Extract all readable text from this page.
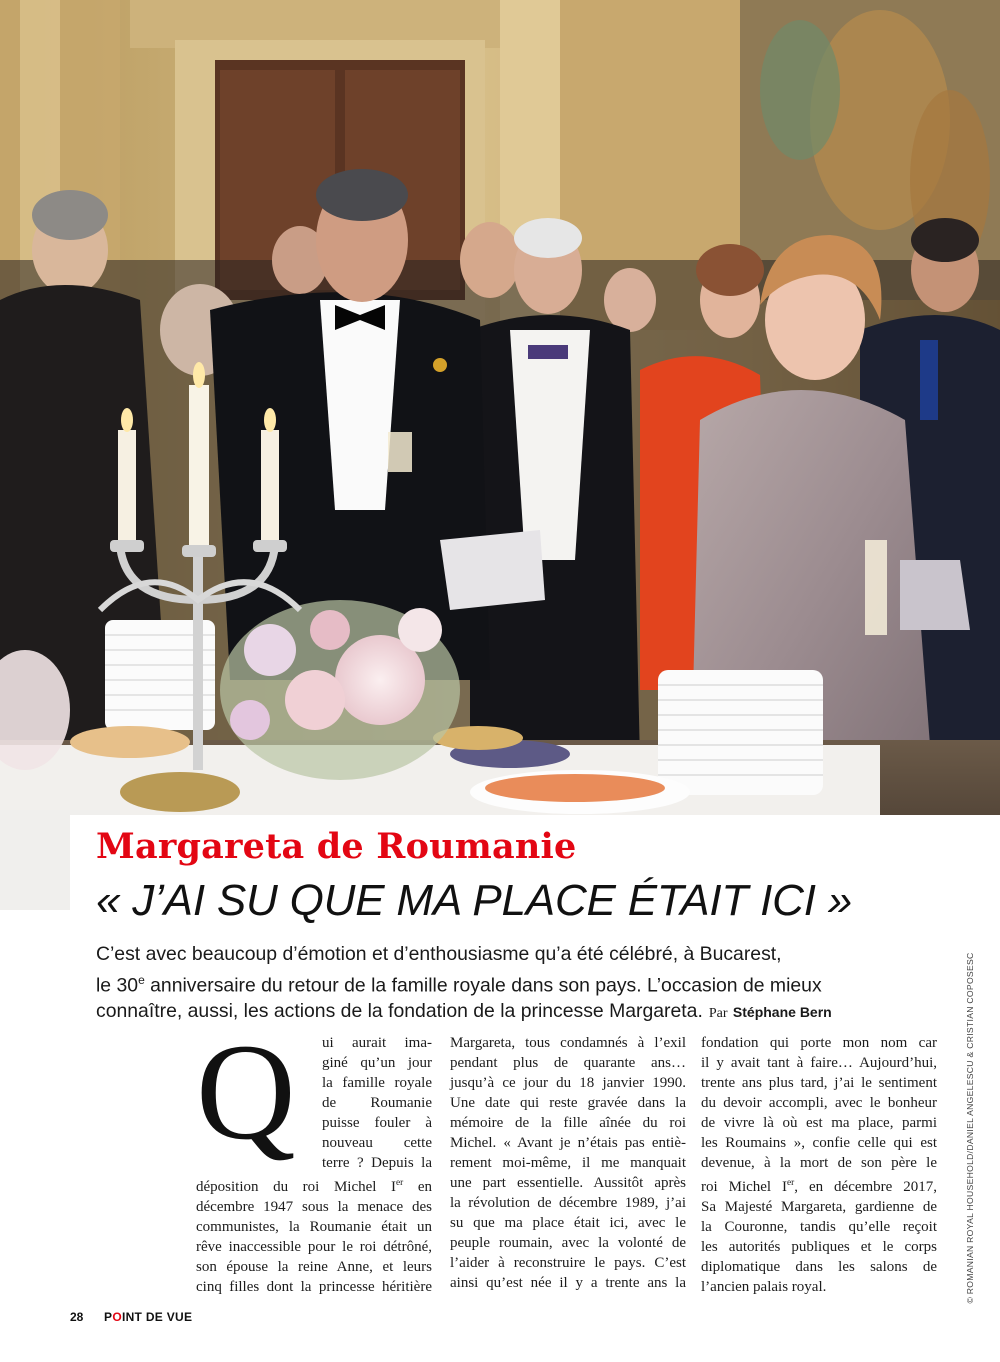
Margareta de Roumanie
« J’AI SU QUE MA PLACE ÉTAIT ICI »

C’est avec beaucoup d’émotion et d’enthousiasme qu’a été célébré, à Bucarest,

le 30e anniversaire du retour de la famille royale dans son pays. L’occasion de mieux

connaître, aussi, les actions de la fondation de la princesse Margareta. Par Stéphane Bern

Q	ui aurait ima-

giné qu’un jour

la famille royale

de Roumanie

puisse fouler à

nouveau cette

terre ? Depuis la

déposition du roi Michel Ier en

décembre 1947 sous la menace des

communistes, la Roumanie était un

rêve inaccessible pour le roi détrôné,

son épouse la reine Anne, et leurs

cinq filles dont la princesse héritière

Margareta, tous condamnés à l’exil

pendant plus de quarante ans…

jusqu’à ce jour du 18 janvier 1990.

Une date qui reste gravée dans la

mémoire de la fille aînée du roi

Michel. « Avant je n’étais pas entiè-

rement moi-même, il me manquait

une part essentielle. Aussitôt après

la révolution de décembre 1989, j’ai

su que ma place était ici, avec le

peuple roumain, avec la volonté de

l’aider à reconstruire le pays. C’est

ainsi qu’est née il y a trente ans la

fondation qui porte mon nom car

il y avait tant à faire… Aujourd’hui,

trente ans plus tard, j’ai le sentiment

du devoir accompli, avec le bonheur

de vivre là où est ma place, parmi

les Roumains », confie celle qui est

devenue, à la mort de son père le

roi Michel Ier, en décembre 2017,

Sa Majesté Margareta, gardienne de

la Couronne, tandis qu’elle reçoit

les autorités publiques et le corps

diplomatique dans les salons de

l’ancien palais royal.	© ROMANIAN ROYAL HOUSEHOLD/DANIEL ANGELESCU & CRISTIAN COPOSESC
28 POINT DE VUE
